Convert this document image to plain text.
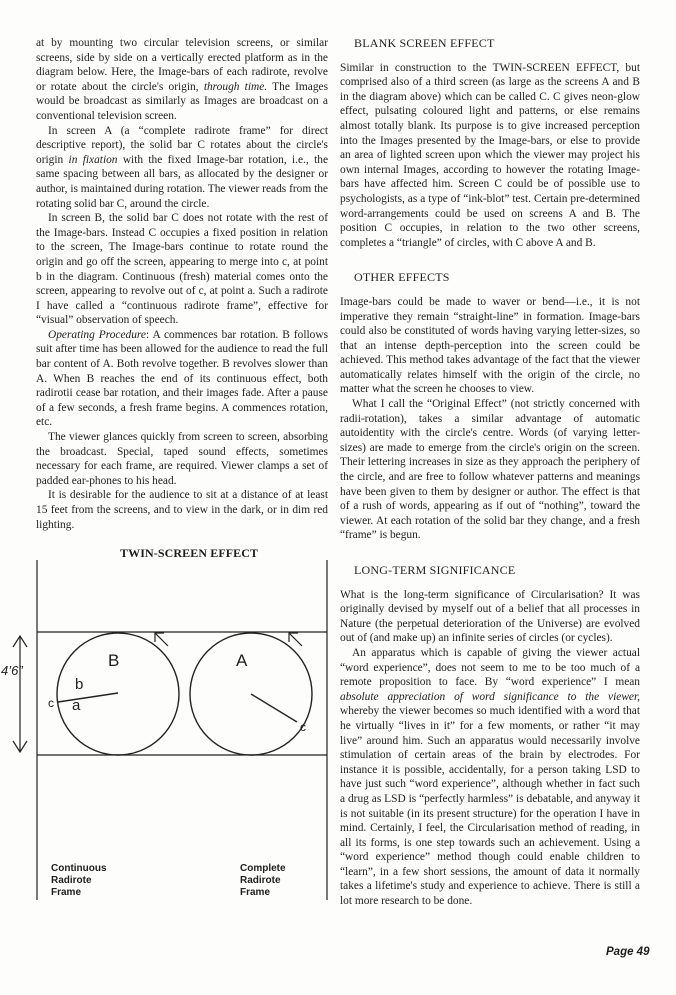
at by mounting two circular television screens, or similar screens, side by side on a vertically erected platform as in the diagram below. Here, the Image-bars of each radirote, revolve or rotate about the circle's origin, through time. The Images would be broadcast as similarly as Images are broadcast on a conventional television screen.

In screen A (a “complete radirote frame” for direct descriptive report), the solid bar C rotates about the circle's origin in fixation with the fixed Image-bar rotation, i.e., the same spacing between all bars, as allocated by the designer or author, is maintained during rotation. The viewer reads from the rotating solid bar C, around the circle.

In screen B, the solid bar C does not rotate with the rest of the Image-bars. Instead C occupies a fixed position in relation to the screen, The Image-bars continue to rotate round the origin and go off the screen, appearing to merge into c, at point b in the diagram. Continuous (fresh) material comes onto the screen, appearing to revolve out of c, at point a. Such a radirote I have called a “continuous radirote frame”, effective for “visual” observation of speech.

Operating Procedure: A commences bar rotation. B follows suit after time has been allowed for the audience to read the full bar content of A. Both revolve together. B revolves slower than A. When B reaches the end of its continuous effect, both radirotii cease bar rotation, and their images fade. After a pause of a few seconds, a fresh frame begins. A commences rotation, etc.

The viewer glances quickly from screen to screen, absorbing the broadcast. Special, taped sound effects, sometimes necessary for each frame, are required. Viewer clamps a set of padded ear-phones to his head.

It is desirable for the audience to sit at a distance of at least 15 feet from the screens, and to view in the dark, or in dim red lighting.

TWIN-SCREEN EFFECT
B	A
b
a
c
c
4’6”
Continuous
Radirote Frame
Complete
Radirote Frame
BLANK SCREEN EFFECT

Similar in construction to the TWIN-SCREEN EFFECT, but comprised also of a third screen (as large as the screens A and B in the diagram above) which can be called C. C gives neon-glow effect, pulsating coloured light and patterns, or else remains almost totally blank. Its purpose is to give increased perception into the Images presented by the Image-bars, or else to provide an area of lighted screen upon which the viewer may project his own internal Images, according to however the rotating Image-bars have affected him. Screen C could be of possible use to psychologists, as a type of “ink-blot” test. Certain pre-determined word-arrangements could be used on screens A and B. The position C occupies, in relation to the two other screens, completes a “triangle” of circles, with C above A and B.

OTHER EFFECTS

Image-bars could be made to waver or bend—i.e., it is not imperative they remain “straight-line” in formation. Image-bars could also be constituted of words having varying letter-sizes, so that an intense depth-perception into the screen could be achieved. This method takes advantage of the fact that the viewer automatically relates himself with the origin of the circle, no matter what the screen he chooses to view.

What I call the “Original Effect” (not strictly concerned with radii-rotation), takes a similar advantage of automatic autoidentity with the circle's centre. Words (of varying letter-sizes) are made to emerge from the circle's origin on the screen. Their lettering increases in size as they approach the periphery of the circle, and are free to follow whatever patterns and meanings have been given to them by designer or author. The effect is that of a rush of words, appearing as if out of “nothing”, toward the viewer. At each rotation of the solid bar they change, and a fresh “frame” is begun.

LONG-TERM SIGNIFICANCE

What is the long-term significance of Circularisation? It was originally devised by myself out of a belief that all processes in Nature (the perpetual deterioration of the Universe) are evolved out of (and make up) an infinite series of circles (or cycles).

An apparatus which is capable of giving the viewer actual “word experience”, does not seem to me to be too much of a remote proposition to face. By “word experience” I mean absolute appreciation of word significance to the viewer, whereby the viewer becomes so much identified with a word that he virtually “lives in it” for a few moments, or rather “it may live” around him. Such an apparatus would necessarily involve stimulation of certain areas of the brain by electrodes. For instance it is possible, accidentally, for a person taking LSD to have just such “word experience”, although whether in fact such a drug as LSD is “perfectly harmless” is debatable, and anyway it is not suitable (in its present structure) for the operation I have in mind. Certainly, I feel, the Circularisation method of reading, in all its forms, is one step towards such an achievement. Using a “word experience” method though could enable children to “learn”, in a few short sessions, the amount of data it normally takes a lifetime's study and experience to achieve. There is still a lot more research to be done.

Page 49
